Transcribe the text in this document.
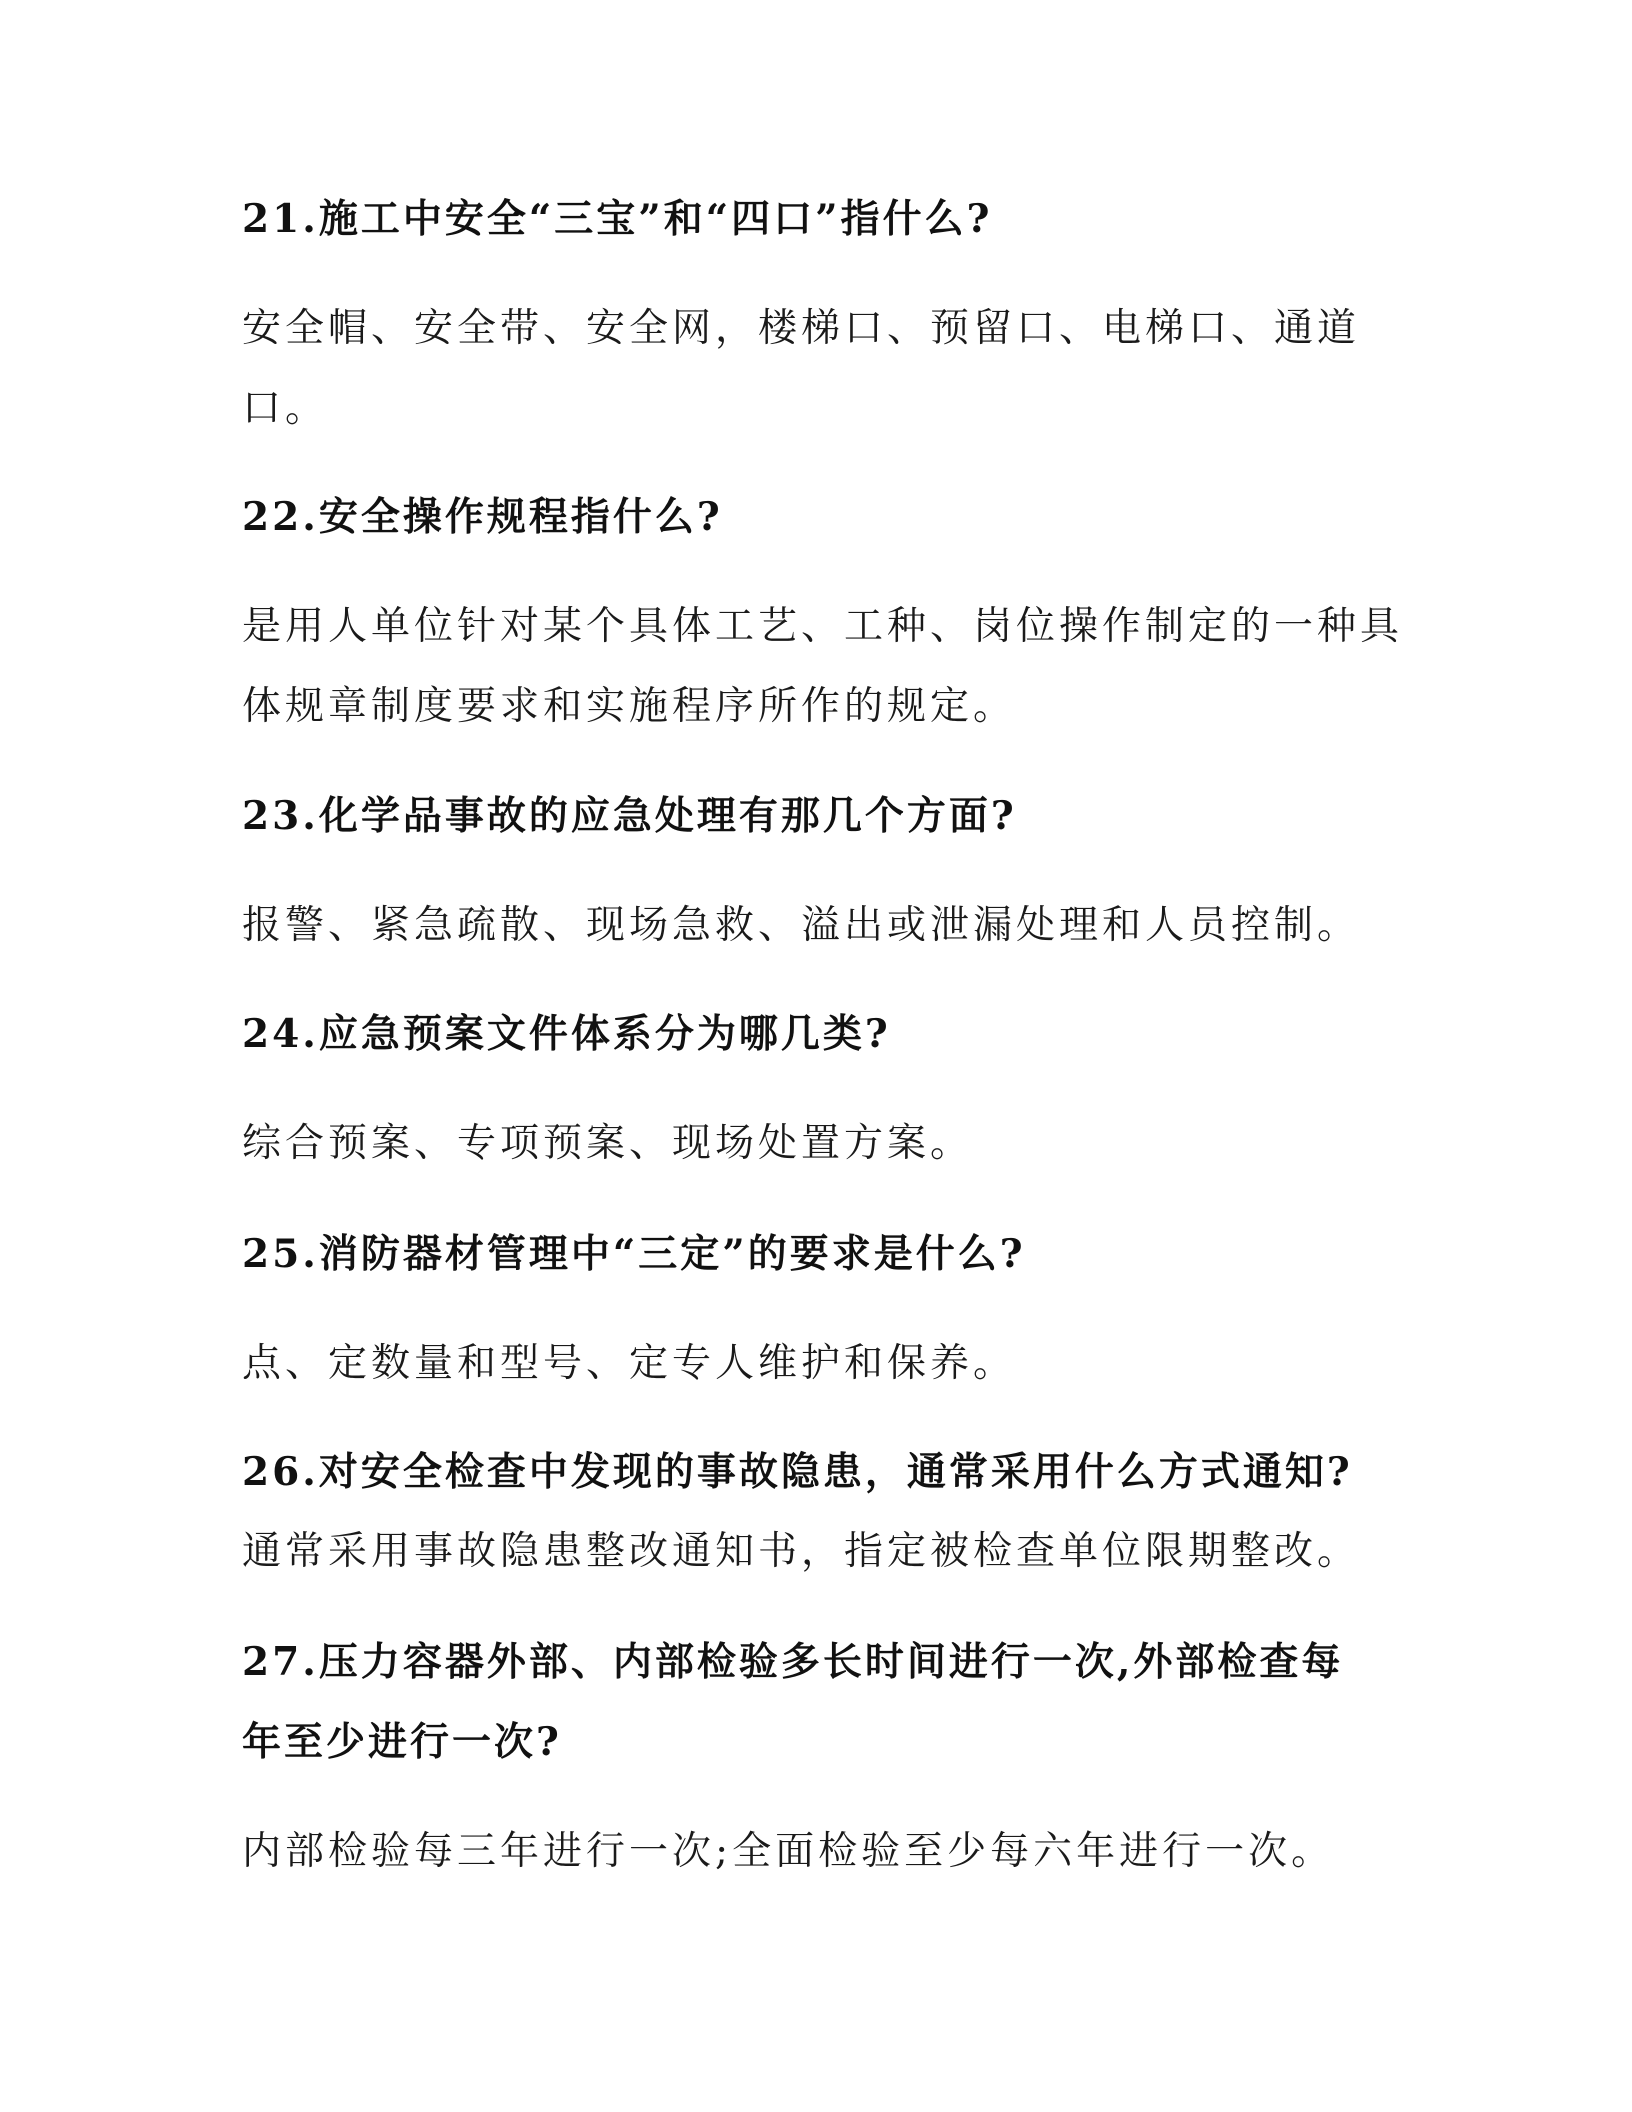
21.施工中安全“三宝”和“四口”指什么?
安全帽、安全带、安全网，楼梯口、预留口、电梯口、通道
口。
22.安全操作规程指什么?
是用人单位针对某个具体工艺、工种、岗位操作制定的一种具
体规章制度要求和实施程序所作的规定。
23.化学品事故的应急处理有那几个方面?
报警、紧急疏散、现场急救、溢出或泄漏处理和人员控制。
24.应急预案文件体系分为哪几类?
综合预案、专项预案、现场处置方案。
25.消防器材管理中“三定”的要求是什么?
点、定数量和型号、定专人维护和保养。
26.对安全检查中发现的事故隐患，通常采用什么方式通知?
通常采用事故隐患整改通知书，指定被检查单位限期整改。
27.压力容器外部、内部检验多长时间进行一次,外部检查每
年至少进行一次?
内部检验每三年进行一次;全面检验至少每六年进行一次。
